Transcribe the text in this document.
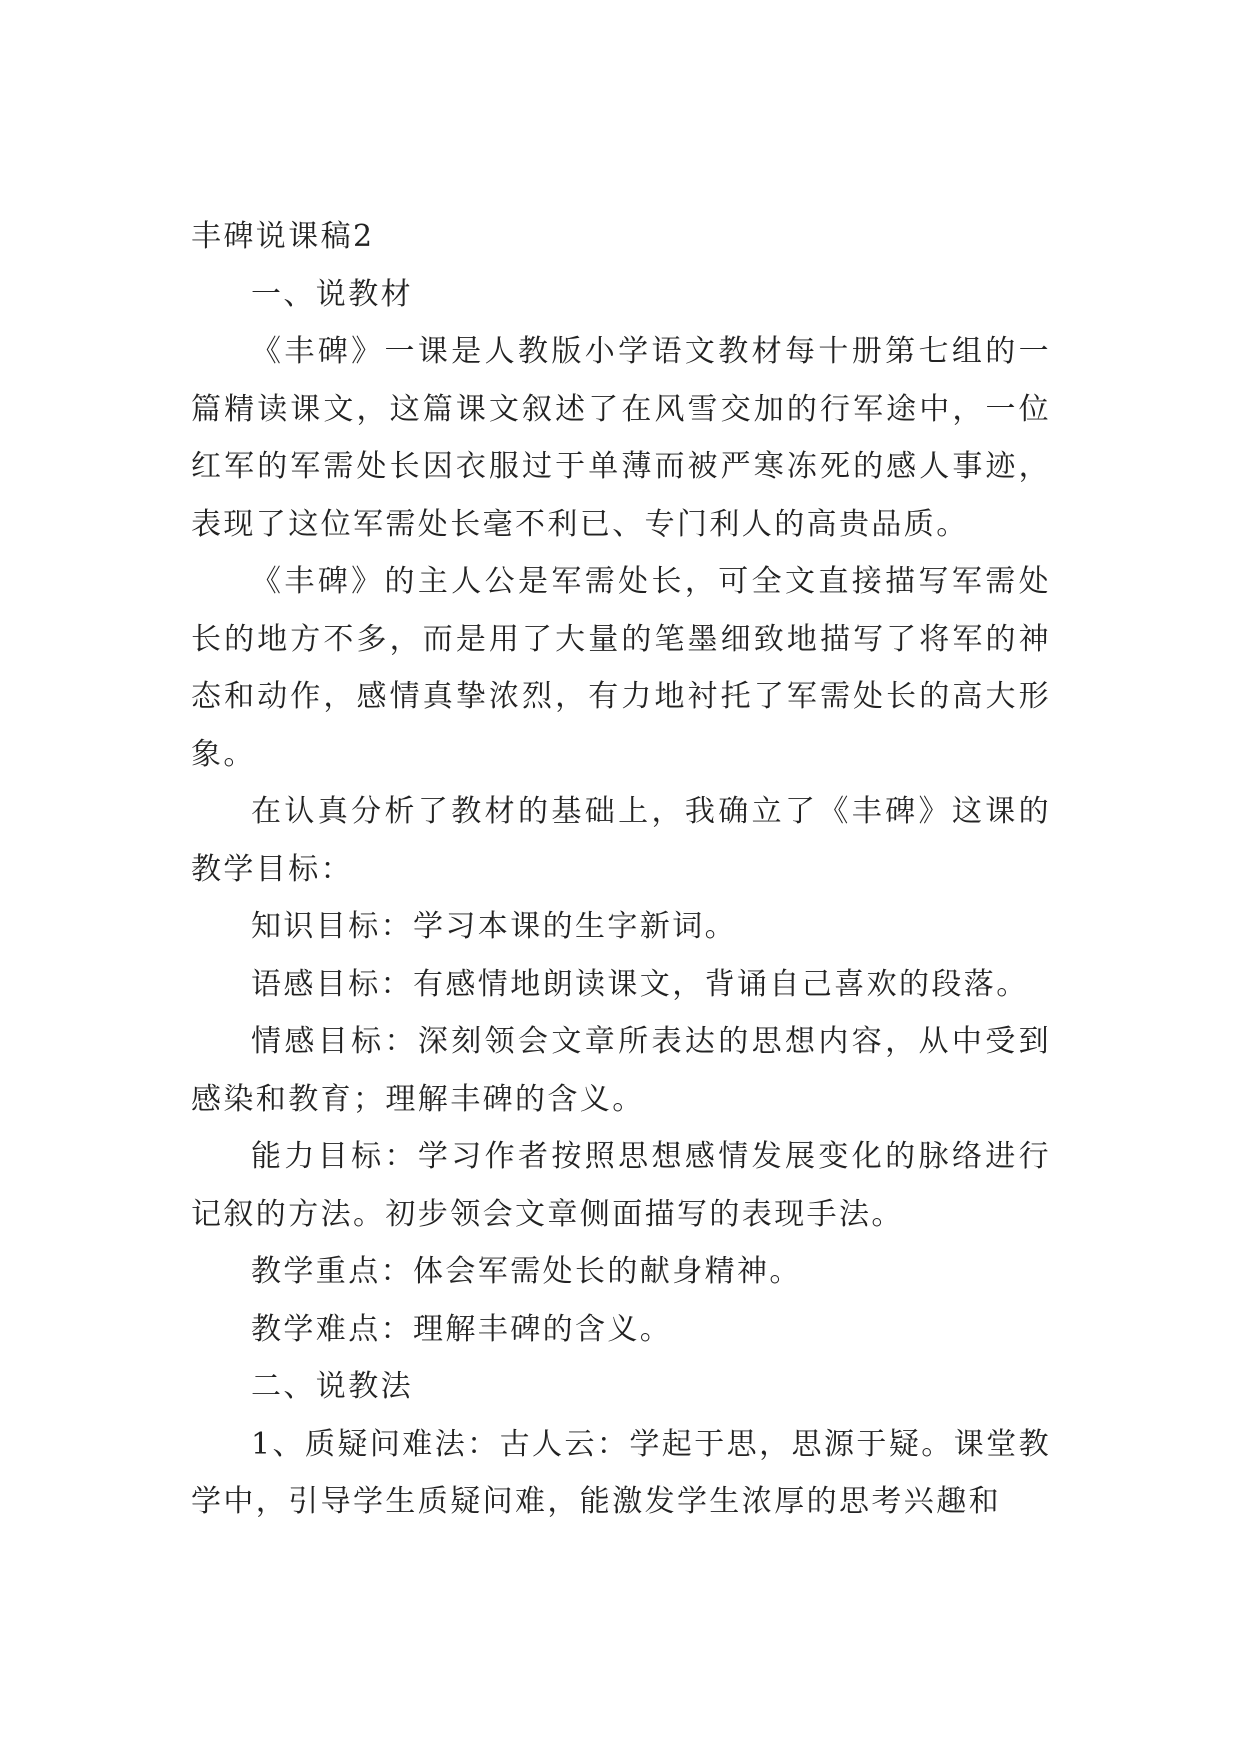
丰碑说课稿2

一、说教材

《丰碑》一课是人教版小学语文教材每十册第七组的一篇精读课文，这篇课文叙述了在风雪交加的行军途中，一位红军的军需处长因衣服过于单薄而被严寒冻死的感人事迹，表现了这位军需处长毫不利已、专门利人的高贵品质。

《丰碑》的主人公是军需处长，可全文直接描写军需处长的地方不多，而是用了大量的笔墨细致地描写了将军的神态和动作，感情真挚浓烈，有力地衬托了军需处长的高大形象。

在认真分析了教材的基础上，我确立了《丰碑》这课的教学目标：

知识目标：学习本课的生字新词。

语感目标：有感情地朗读课文，背诵自己喜欢的段落。

情感目标：深刻领会文章所表达的思想内容，从中受到感染和教育；理解丰碑的含义。

能力目标：学习作者按照思想感情发展变化的脉络进行记叙的方法。初步领会文章侧面描写的表现手法。

教学重点：体会军需处长的献身精神。

教学难点：理解丰碑的含义。

二、说教法

1、质疑问难法：古人云：学起于思，思源于疑。课堂教学中，引导学生质疑问难，能激发学生浓厚的思考兴趣和
